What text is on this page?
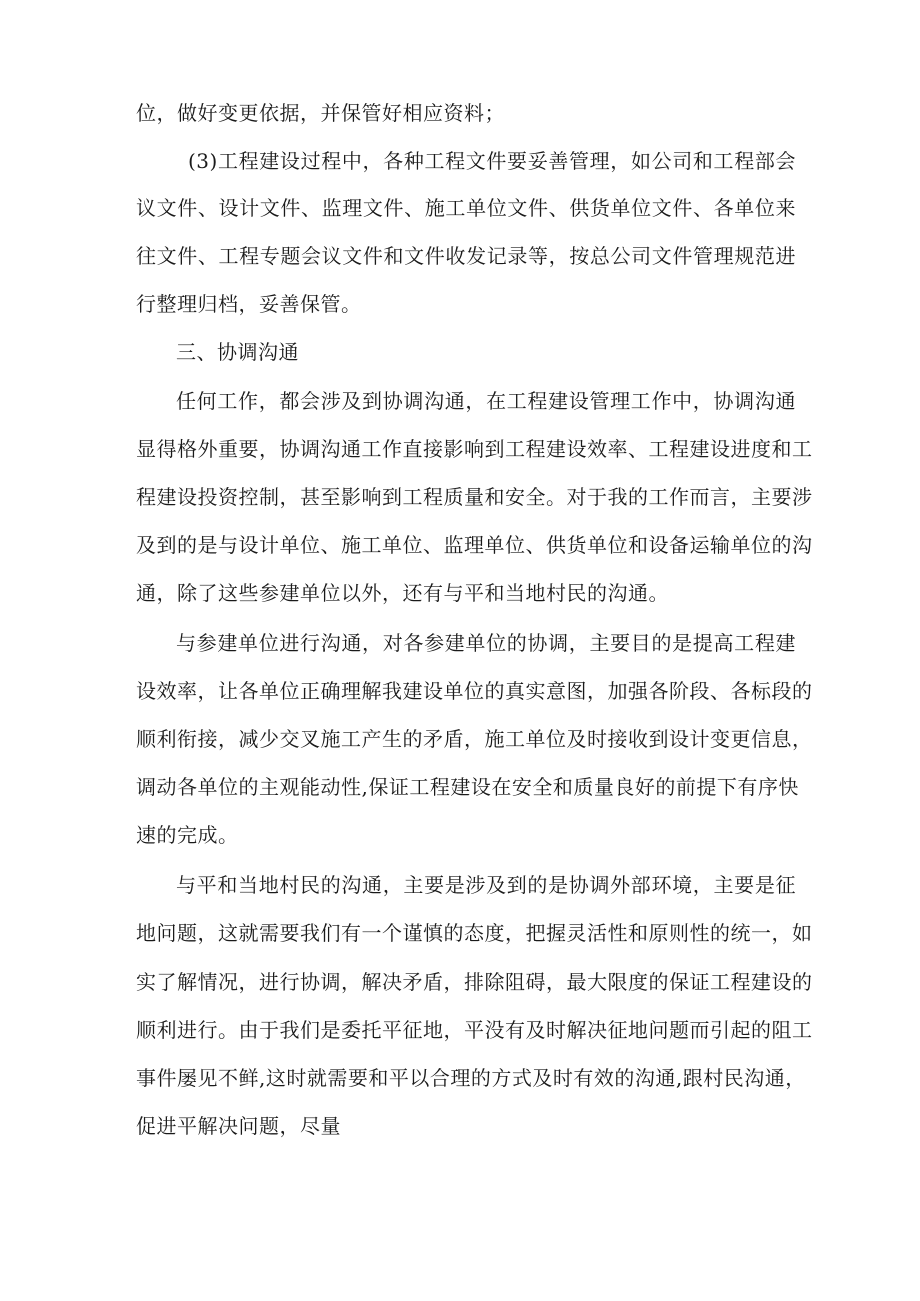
位，做好变更依据，并保管好相应资料；
(3)工程建设过程中，各种工程文件要妥善管理，如公司和工程部会
议文件、设计文件、监理文件、施工单位文件、供货单位文件、各单位来
往文件、工程专题会议文件和文件收发记录等，按总公司文件管理规范进
行整理归档，妥善保管。
三、协调沟通
任何工作，都会涉及到协调沟通，在工程建设管理工作中，协调沟通
显得格外重要，协调沟通工作直接影响到工程建设效率、工程建设进度和工
程建设投资控制，甚至影响到工程质量和安全。对于我的工作而言，主要涉
及到的是与设计单位、施工单位、监理单位、供货单位和设备运输单位的沟
通，除了这些参建单位以外，还有与平和当地村民的沟通。
与参建单位进行沟通，对各参建单位的协调，主要目的是提高工程建
设效率，让各单位正确理解我建设单位的真实意图，加强各阶段、各标段的
顺利衔接，减少交叉施工产生的矛盾，施工单位及时接收到设计变更信息，
调动各单位的主观能动性,保证工程建设在安全和质量良好的前提下有序快
速的完成。
与平和当地村民的沟通，主要是涉及到的是协调外部环境，主要是征
地问题，这就需要我们有一个谨慎的态度，把握灵活性和原则性的统一，如
实了解情况，进行协调，解决矛盾，排除阻碍，最大限度的保证工程建设的
顺利进行。由于我们是委托平征地，平没有及时解决征地问题而引起的阻工
事件屡见不鲜,这时就需要和平以合理的方式及时有效的沟通,跟村民沟通，
促进平解决问题，尽量
